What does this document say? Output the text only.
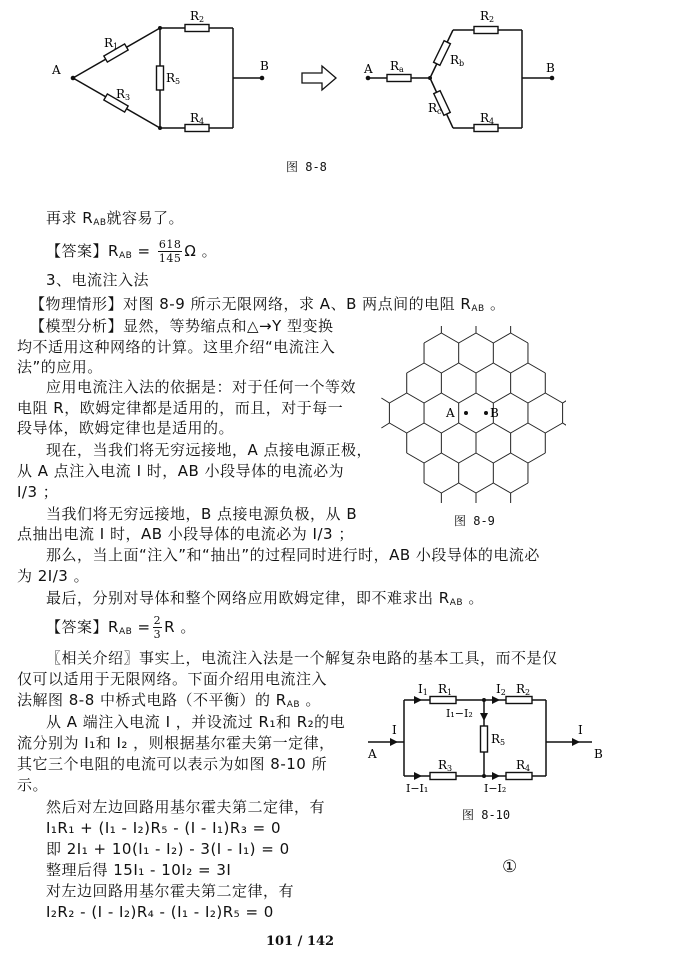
A	B
R1
R3
R2
R4
R5
A	B
Ra
Rb
Rc
R2
R4
图 8-8
再求 $R_{AB}$就容易了。
【答案】$R_{AB} = \frac{618}{145}$ Ω 。
3、电流注入法
【物理情形】对图 8-9 所示无限网络，求 A、B 两点间的电阻 $R_{AB}$ 。
【模型分析】显然，等势缩点和△→Y 型变换
均不适用这种网络的计算。这里介绍“电流注入
法”的应用。
应用电流注入法的依据是：对于任何一个等效
电阻 R，欧姆定律都是适用的，而且，对于每一
段导体，欧姆定律也是适用的。
现在，当我们将无穷远接地，A 点接电源正极，
从 A 点注入电流 I 时，AB 小段导体的电流必为
I/3 ；
当我们将无穷远接地，B 点接电源负极，从 B
点抽出电流 I 时，AB 小段导体的电流必为 I/3 ；
那么，当上面“注入”和“抽出”的过程同时进行时，AB 小段导体的电流必
为 2I/3 。
最后，分别对导体和整个网络应用欧姆定律，即不难求出 $R_{AB}$ 。
【答案】$R_{AB} = \frac{2}{3}$ R 。
〖相关介绍〗事实上，电流注入法是一个解复杂电路的基本工具，而不是仅
仅可以适用于无限网络。下面介绍用电流注入
法解图 8-8 中桥式电路（不平衡）的 $R_{AB}$ 。
从 A 端注入电流 I ，并设流过 R₁和 R₂的电
流分别为 I₁和 I₂ ，则根据基尔霍夫第一定律，
其它三个电阻的电流可以表示为如图 8-10 所
示。
然后对左边回路用基尔霍夫第二定律，有
I₁R₁ + (I₁ - I₂)R₅ - (I - I₁)R₃ = 0
即 2I₁ + 10(I₁ - I₂) - 3(I - I₁) = 0
整理后得 15I₁ - 10I₂ = 3I
对左边回路用基尔霍夫第二定律，有
I₂R₂ - (I - I₂)R₄ - (I₁ - I₂)R₅ = 0
①
A	B
图 8-9
I1 R1	I2 R2
I₁−I₂
R5
I
A
I
B
R3	R4
I−I₁	I−I₂
图 8-10
101 / 142
